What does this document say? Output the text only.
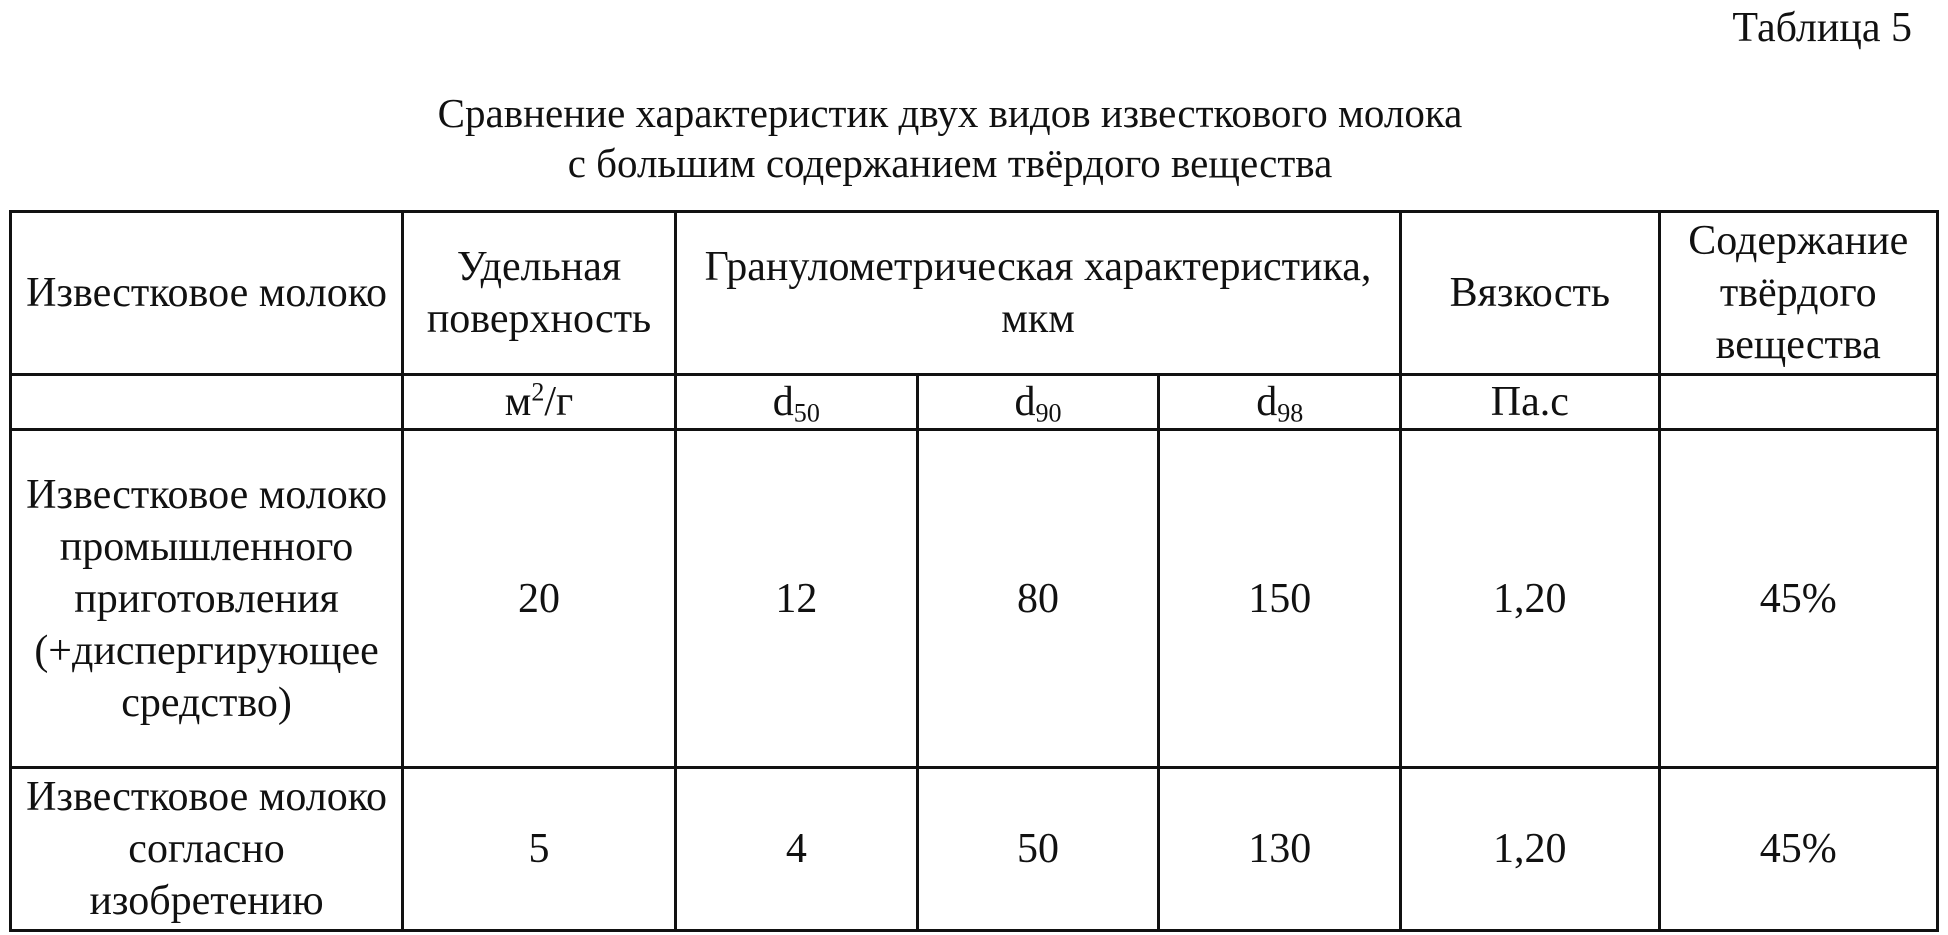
Таблица 5
Сравнение характеристик двух видов известкового молока
с большим содержанием твёрдого вещества
Известковое молоко	Удельная поверхность	Гранулометрическая характеристика, мкм			Вязкость	Содержание твёрдого вещества
	$м^2/г$	$d_{50}$	$d_{90}$	$d_{98}$	Па.с	
Известковое молоко промышленного приготовления (+диспергирующее средство)	20	12	80	150	1,20	45%
Известковое молоко согласно изобретению	5	4	50	130	1,20	45%
